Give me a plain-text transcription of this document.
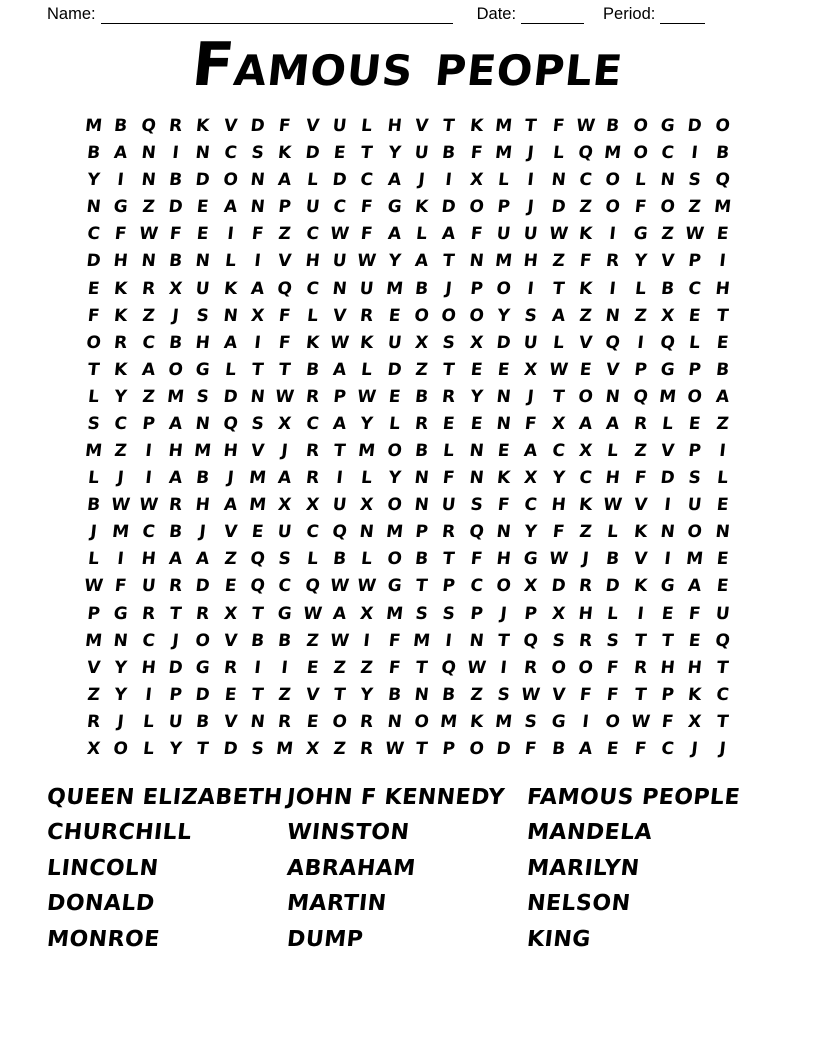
Name:	Date:	Period:
Famous people
M B Q R K V D F V U L H V T K M T F W B O G D O
B A N I N C S K D E T Y U B F M J L Q M O C I B
Y I N B D O N A L D C A J	I X L I N C O L N S Q
N G Z D E A N P U C F G K D O P J D Z O F O Z M
C F W F E I F Z C W F A L A F U U W K I G Z W E
D H N B N L I V H U W Y A T N M H Z F R Y V P I
E K R X U K A Q C N U M B J P O I T K I L B C H
F K Z J S N X F L V R E O O O Y S A Z N Z X E T
O R C B H A I F K W K U X S X D U L V Q I Q L E
T K A O G L T T B A L D Z T E E X W E V P G P B
L Y Z M S D N W R P W E B R Y N J T O N Q M O A
S C P A N Q S X C A Y L R E E N F X A A R L E Z
M Z I H M H V J R T M O B L N E A C X L Z V P I
L J	I A B J M A R I L Y N F N K X Y C H F D S L
B W W R H A M X X U X O N U S F C H K W V I U E
J M C B J V E U C Q N M P R Q N Y F Z L K N O N
L I H A A Z Q S L B L O B T F H G W J B V I M E
W F U R D E Q C Q W W G T P C O X D R D K G A E
P G R T R X T G W A X M S S P J P X H L I E F U
M N C J O V B B Z W I F M I N T Q S R S T T E Q
V Y H D G R I	I E Z Z F T Q W I R O O F R H H T
Z Y I P D E T Z V T Y B N B Z S W V F F T P K C
R J L U B V N R E O R N O M K M S G I O W F X T
X O L Y T D S M X Z R W T P O D F B A E F C J	J
QUEEN ELIZABETH
CHURCHILL
LINCOLN
DONALD
MONROE
JOHN F KENNEDY
WINSTON
ABRAHAM
MARTIN
DUMP
FAMOUS PEOPLE
MANDELA
MARILYN
NELSON
KING
